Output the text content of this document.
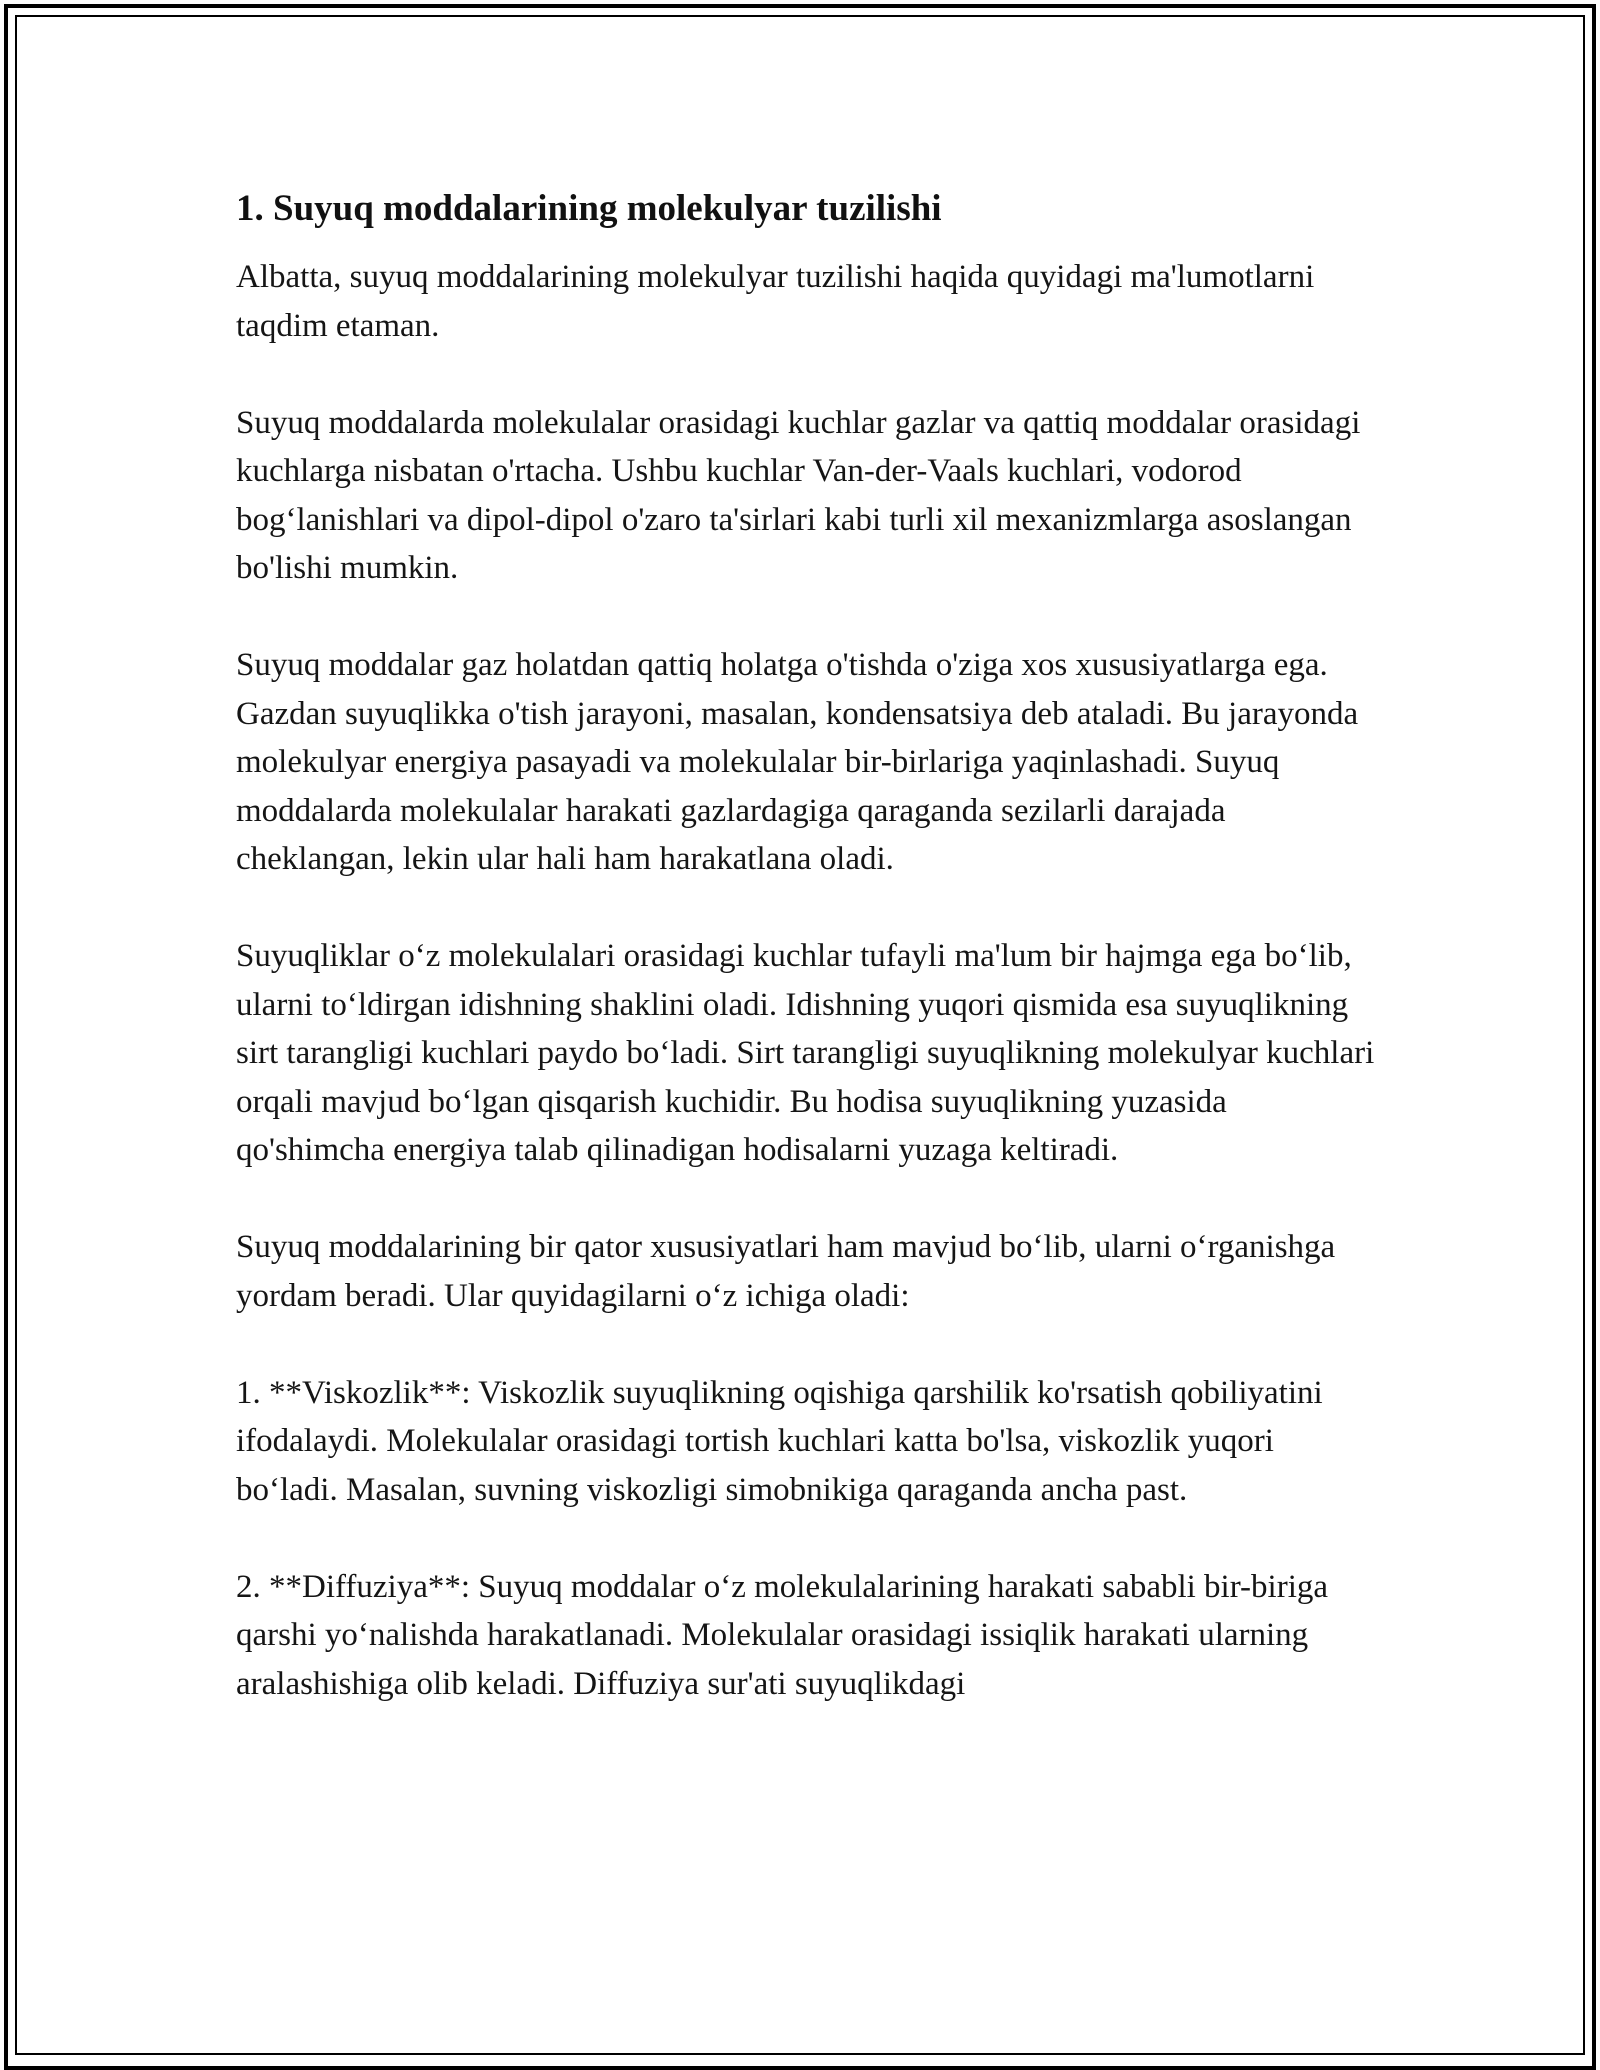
1. Suyuq moddalarining molekulyar tuzilishi

Albatta, suyuq moddalarining molekulyar tuzilishi haqida quyidagi ma'lumotlarni taqdim etaman.

Suyuq moddalarda molekulalar orasidagi kuchlar gazlar va qattiq moddalar orasidagi kuchlarga nisbatan o'rtacha. Ushbu kuchlar Van-der-Vaals kuchlari, vodorod bog‘lanishlari va dipol-dipol o'zaro ta'sirlari kabi turli xil mexanizmlarga asoslangan bo'lishi mumkin.

Suyuq moddalar gaz holatdan qattiq holatga o'tishda o'ziga xos xususiyatlarga ega. Gazdan suyuqlikka o'tish jarayoni, masalan, kondensatsiya deb ataladi. Bu jarayonda molekulyar energiya pasayadi va molekulalar bir-birlariga yaqinlashadi. Suyuq moddalarda molekulalar harakati gazlardagiga qaraganda sezilarli darajada cheklangan, lekin ular hali ham harakatlana oladi.

Suyuqliklar o‘z molekulalari orasidagi kuchlar tufayli ma'lum bir hajmga ega bo‘lib, ularni to‘ldirgan idishning shaklini oladi. Idishning yuqori qismida esa suyuqlikning sirt tarangligi kuchlari paydo bo‘ladi. Sirt tarangligi suyuqlikning molekulyar kuchlari orqali mavjud bo‘lgan qisqarish kuchidir. Bu hodisa suyuqlikning yuzasida qo'shimcha energiya talab qilinadigan hodisalarni yuzaga keltiradi.

Suyuq moddalarining bir qator xususiyatlari ham mavjud bo‘lib, ularni o‘rganishga yordam beradi. Ular quyidagilarni o‘z ichiga oladi:

1. **Viskozlik**: Viskozlik suyuqlikning oqishiga qarshilik ko'rsatish qobiliyatini ifodalaydi. Molekulalar orasidagi tortish kuchlari katta bo'lsa, viskozlik yuqori bo‘ladi. Masalan, suvning viskozligi simobnikiga qaraganda ancha past.

2. **Diffuziya**: Suyuq moddalar o‘z molekulalarining harakati sababli bir-biriga qarshi yo‘nalishda harakatlanadi. Molekulalar orasidagi issiqlik harakati ularning aralashishiga olib keladi. Diffuziya sur'ati suyuqlikdagi
